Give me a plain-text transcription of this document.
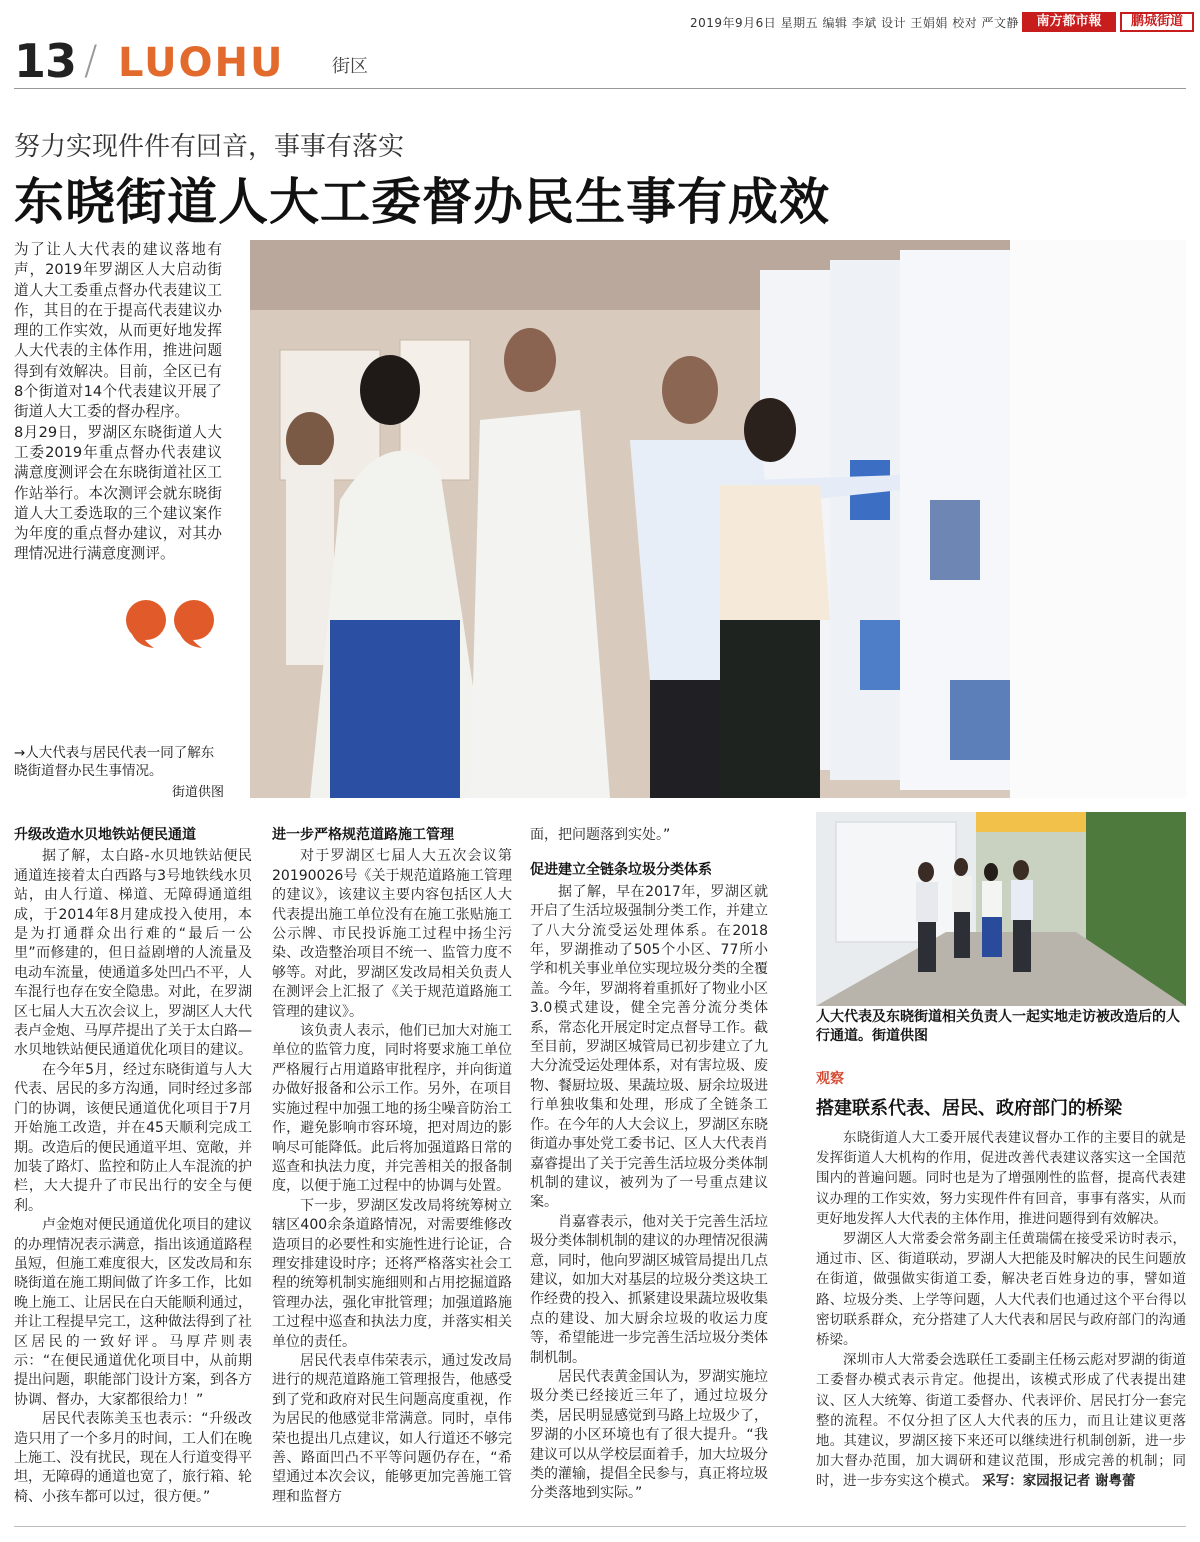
2019年9月6日 星期五 编辑 李斌 设计 王娟娟 校对 严文静	南方都市報	鹏城街道
13 / LUOHU	街区
努力实现件件有回音，事事有落实
东晓街道人大工委督办民生事有成效

为了让人大代表的建议落地有声，2019年罗湖区人大启动街道人大工委重点督办代表建议工作，其目的在于提高代表建议办理的工作实效，从而更好地发挥人大代表的主体作用，推进问题得到有效解决。目前，全区已有8个街道对14个代表建议开展了街道人大工委的督办程序。

8月29日，罗湖区东晓街道人大工委2019年重点督办代表建议满意度测评会在东晓街道社区工作站举行。本次测评会就东晓街道人大工委选取的三个建议案作为年度的重点督办建议，对其办理情况进行满意度测评。

→人大代表与居民代表一同了解东晓街道督办民生事情况。
街道供图
升级改造水贝地铁站便民通道

据了解，太白路-水贝地铁站便民通道连接着太白西路与3号地铁线水贝站，由人行道、梯道、无障碍通道组成，于2014年8月建成投入使用，本是为打通群众出行难的“最后一公里”而修建的，但日益剧增的人流量及电动车流量，使通道多处凹凸不平，人车混行也存在安全隐患。对此，在罗湖区七届人大五次会议上，罗湖区人大代表卢金炮、马厚芹提出了关于太白路—水贝地铁站便民通道优化项目的建议。

在今年5月，经过东晓街道与人大代表、居民的多方沟通，同时经过多部门的协调，该便民通道优化项目于7月开始施工改造，并在45天顺利完成工期。改造后的便民通道平坦、宽敞，并加装了路灯、监控和防止人车混流的护栏，大大提升了市民出行的安全与便利。

卢金炮对便民通道优化项目的建议的办理情况表示满意，指出该通道路程虽短，但施工难度很大，区发改局和东晓街道在施工期间做了许多工作，比如晚上施工、让居民在白天能顺利通过，并让工程提早完工，这种做法得到了社区居民的一致好评。马厚芹则表示：“在便民通道优化项目中，从前期提出问题，职能部门设计方案，到各方协调、督办，大家都很给力！”

居民代表陈美玉也表示：“升级改造只用了一个多月的时间，工人们在晚上施工、没有扰民，现在人行道变得平坦，无障碍的通道也宽了，旅行箱、轮椅、小孩车都可以过，很方便。”

进一步严格规范道路施工管理

对于罗湖区七届人大五次会议第20190026号《关于规范道路施工管理的建议》，该建议主要内容包括区人大代表提出施工单位没有在施工张贴施工公示牌、市民投诉施工过程中扬尘污染、改造整治项目不统一、监管力度不够等。对此，罗湖区发改局相关负责人在测评会上汇报了《关于规范道路施工管理的建议》。

该负责人表示，他们已加大对施工单位的监管力度，同时将要求施工单位严格履行占用道路审批程序，并向街道办做好报备和公示工作。另外，在项目实施过程中加强工地的扬尘噪音防治工作，避免影响市容环境，把对周边的影响尽可能降低。此后将加强道路日常的巡查和执法力度，并完善相关的报备制度，以便于施工过程中的协调与处置。

下一步，罗湖区发改局将统筹树立辖区400余条道路情况，对需要维修改造项目的必要性和实施性进行论证，合理安排建设时序；还将严格落实社会工程的统筹机制实施细则和占用挖掘道路管理办法，强化审批管理；加强道路施工过程中巡查和执法力度，并落实相关单位的责任。

居民代表卓伟荣表示，通过发改局进行的规范道路施工管理报告，他感受到了党和政府对民生问题高度重视，作为居民的他感觉非常满意。同时，卓伟荣也提出几点建议，如人行道还不够完善、路面凹凸不平等问题仍存在，“希望通过本次会议，能够更加完善施工管理和监督方

面，把问题落到实处。”
促进建立全链条垃圾分类体系

据了解，早在2017年，罗湖区就开启了生活垃圾强制分类工作，并建立了八大分流受运处理体系。在2018年，罗湖推动了505个小区、77所小学和机关事业单位实现垃圾分类的全覆盖。今年，罗湖将着重抓好了物业小区3.0模式建设，健全完善分流分类体系，常态化开展定时定点督导工作。截至目前，罗湖区城管局已初步建立了九大分流受运处理体系，对有害垃圾、废物、餐厨垃圾、果蔬垃圾、厨余垃圾进行单独收集和处理，形成了全链条工作。在今年的人大会议上，罗湖区东晓街道办事处党工委书记、区人大代表肖嘉睿提出了关于完善生活垃圾分类体制机制的建议，被列为了一号重点建议案。

肖嘉睿表示，他对关于完善生活垃圾分类体制机制的建议的办理情况很满意，同时，他向罗湖区城管局提出几点建议，如加大对基层的垃圾分类这块工作经费的投入、抓紧建设果蔬垃圾收集点的建设、加大厨余垃圾的收运力度等，希望能进一步完善生活垃圾分类体制机制。

居民代表黄金国认为，罗湖实施垃圾分类已经接近三年了，通过垃圾分类，居民明显感觉到马路上垃圾少了，罗湖的小区环境也有了很大提升。“我建议可以从学校层面着手，加大垃圾分类的灌输，提倡全民参与，真正将垃圾分类落地到实际。”

人大代表及东晓街道相关负责人一起实地走访被改造后的人行通道。街道供图
观察
搭建联系代表、居民、政府部门的桥梁

东晓街道人大工委开展代表建议督办工作的主要目的就是发挥街道人大机构的作用，促进改善代表建议落实这一全国范围内的普遍问题。同时也是为了增强刚性的监督，提高代表建议办理的工作实效，努力实现件件有回音，事事有落实，从而更好地发挥人大代表的主体作用，推进问题得到有效解决。

罗湖区人大常委会常务副主任黄瑞儒在接受采访时表示，通过市、区、街道联动，罗湖人大把能及时解决的民生问题放在街道，做强做实街道工委，解决老百姓身边的事，譬如道路、垃圾分类、上学等问题，人大代表们也通过这个平台得以密切联系群众，充分搭建了人大代表和居民与政府部门的沟通桥梁。

深圳市人大常委会选联任工委副主任杨云彪对罗湖的街道工委督办模式表示肯定。他提出，该模式形成了代表提出建议、区人大统筹、街道工委督办、代表评价、居民打分一套完整的流程。不仅分担了区人大代表的压力，而且让建议更落地。其建议，罗湖区接下来还可以继续进行机制创新，进一步加大督办范围，加大调研和建议范围，形成完善的机制；同时，进一步夯实这个模式。 采写：家园报记者 谢粤蕾
